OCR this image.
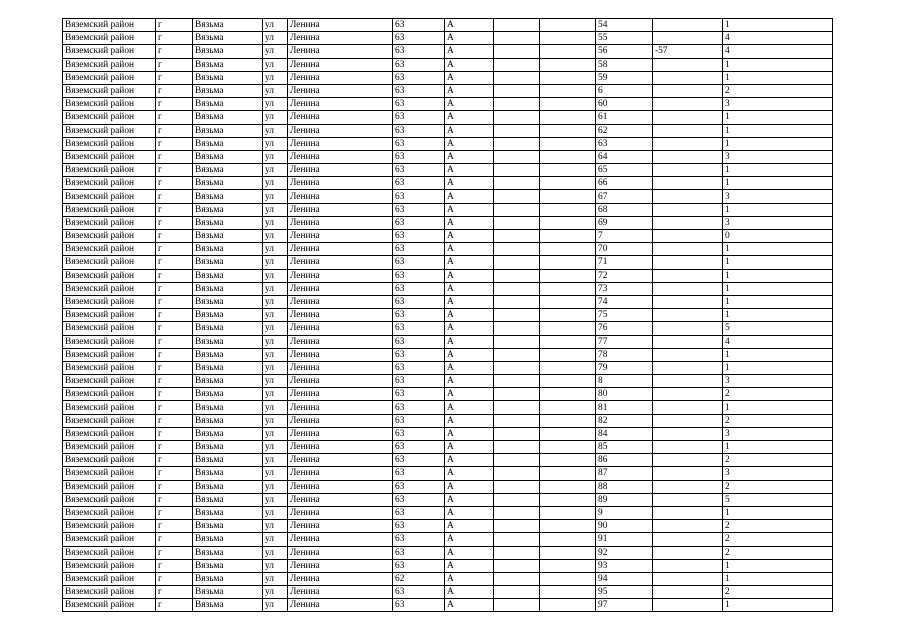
Вяземский район	г	Вязьма	ул	Ленина	63	А			54		1
Вяземский район	г	Вязьма	ул	Ленина	63	А			55		4
Вяземский район	г	Вязьма	ул	Ленина	63	А			56	-57	4
Вяземский район	г	Вязьма	ул	Ленина	63	А			58		1
Вяземский район	г	Вязьма	ул	Ленина	63	А			59		1
Вяземский район	г	Вязьма	ул	Ленина	63	А			6		2
Вяземский район	г	Вязьма	ул	Ленина	63	А			60		3
Вяземский район	г	Вязьма	ул	Ленина	63	А			61		1
Вяземский район	г	Вязьма	ул	Ленина	63	А			62		1
Вяземский район	г	Вязьма	ул	Ленина	63	А			63		1
Вяземский район	г	Вязьма	ул	Ленина	63	А			64		3
Вяземский район	г	Вязьма	ул	Ленина	63	А			65		1
Вяземский район	г	Вязьма	ул	Ленина	63	А			66		1
Вяземский район	г	Вязьма	ул	Ленина	63	А			67		3
Вяземский район	г	Вязьма	ул	Ленина	63	А			68		1
Вяземский район	г	Вязьма	ул	Ленина	63	А			69		3
Вяземский район	г	Вязьма	ул	Ленина	63	А			7		0
Вяземский район	г	Вязьма	ул	Ленина	63	А			70		1
Вяземский район	г	Вязьма	ул	Ленина	63	А			71		1
Вяземский район	г	Вязьма	ул	Ленина	63	А			72		1
Вяземский район	г	Вязьма	ул	Ленина	63	А			73		1
Вяземский район	г	Вязьма	ул	Ленина	63	А			74		1
Вяземский район	г	Вязьма	ул	Ленина	63	А			75		1
Вяземский район	г	Вязьма	ул	Ленина	63	А			76		5
Вяземский район	г	Вязьма	ул	Ленина	63	А			77		4
Вяземский район	г	Вязьма	ул	Ленина	63	А			78		1
Вяземский район	г	Вязьма	ул	Ленина	63	А			79		1
Вяземский район	г	Вязьма	ул	Ленина	63	А			8		3
Вяземский район	г	Вязьма	ул	Ленина	63	А			80		2
Вяземский район	г	Вязьма	ул	Ленина	63	А			81		1
Вяземский район	г	Вязьма	ул	Ленина	63	А			82		2
Вяземский район	г	Вязьма	ул	Ленина	63	А			84		3
Вяземский район	г	Вязьма	ул	Ленина	63	А			85		1
Вяземский район	г	Вязьма	ул	Ленина	63	А			86		2
Вяземский район	г	Вязьма	ул	Ленина	63	А			87		3
Вяземский район	г	Вязьма	ул	Ленина	63	А			88		2
Вяземский район	г	Вязьма	ул	Ленина	63	А			89		5
Вяземский район	г	Вязьма	ул	Ленина	63	А			9		1
Вяземский район	г	Вязьма	ул	Ленина	63	А			90		2
Вяземский район	г	Вязьма	ул	Ленина	63	А			91		2
Вяземский район	г	Вязьма	ул	Ленина	63	А			92		2
Вяземский район	г	Вязьма	ул	Ленина	63	А			93		1
Вяземский район	г	Вязьма	ул	Ленина	62	А			94		1
Вяземский район	г	Вязьма	ул	Ленина	63	А			95		2
Вяземский район	г	Вязьма	ул	Ленина	63	А			97		1
